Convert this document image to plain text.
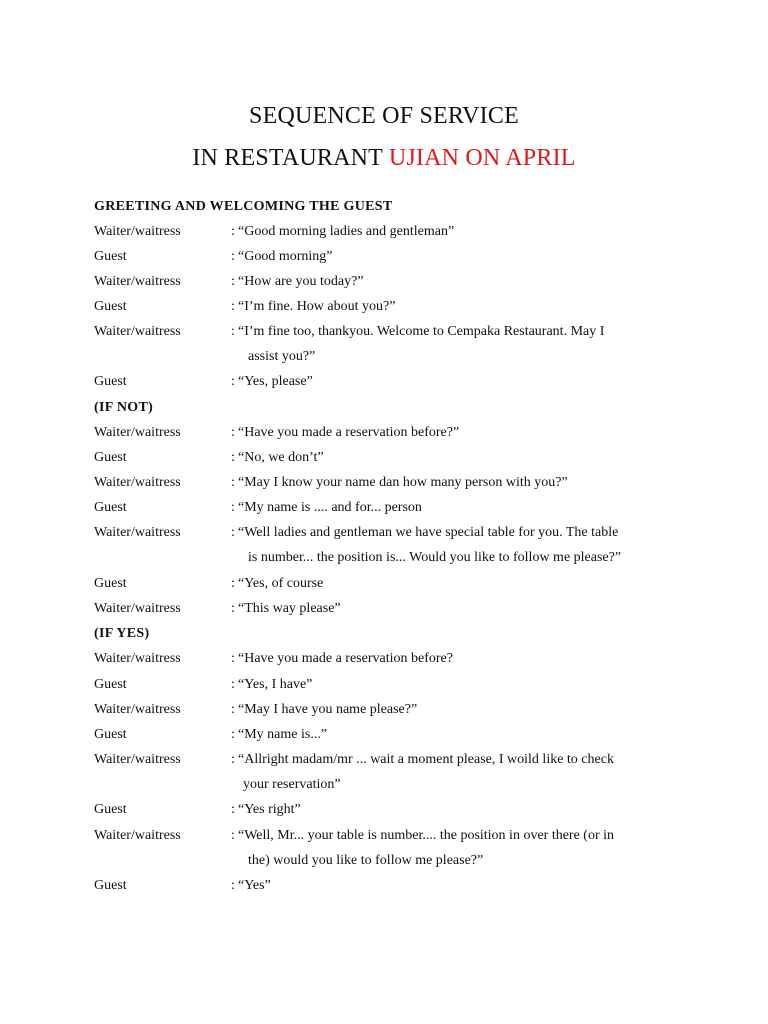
SEQUENCE OF SERVICE
IN RESTAURANT UJIAN ON APRIL
GREETING AND WELCOMING THE GUEST
Waiter/waitress	: “Good morning ladies and gentleman”
Guest	: “Good morning”
Waiter/waitress	: “How are you today?”
Guest	: “I’m fine. How about you?”
Waiter/waitress	: “I’m fine too, thankyou. Welcome to Cempaka Restaurant. May I
assist you?”
Guest	: “Yes, please”
(IF NOT)
Waiter/waitress	: “Have you made a reservation before?”
Guest	: “No, we don’t”
Waiter/waitress	: “May I know your name dan how many person with you?”
Guest	: “My name is .... and for... person
Waiter/waitress	: “Well ladies and gentleman we have special table for you. The table
is number... the position is... Would you like to follow me please?”
Guest	: “Yes, of course
Waiter/waitress	: “This way please”
(IF YES)
Waiter/waitress	: “Have you made a reservation before?
Guest	: “Yes, I have”
Waiter/waitress	: “May I have you name please?”
Guest	: “My name is...”
Waiter/waitress	: “Allright madam/mr ... wait a moment please, I woild like to check
your reservation”
Guest	: “Yes right”
Waiter/waitress	: “Well, Mr... your table is number.... the position in over there (or in
the) would you like to follow me please?”
Guest	: “Yes”
